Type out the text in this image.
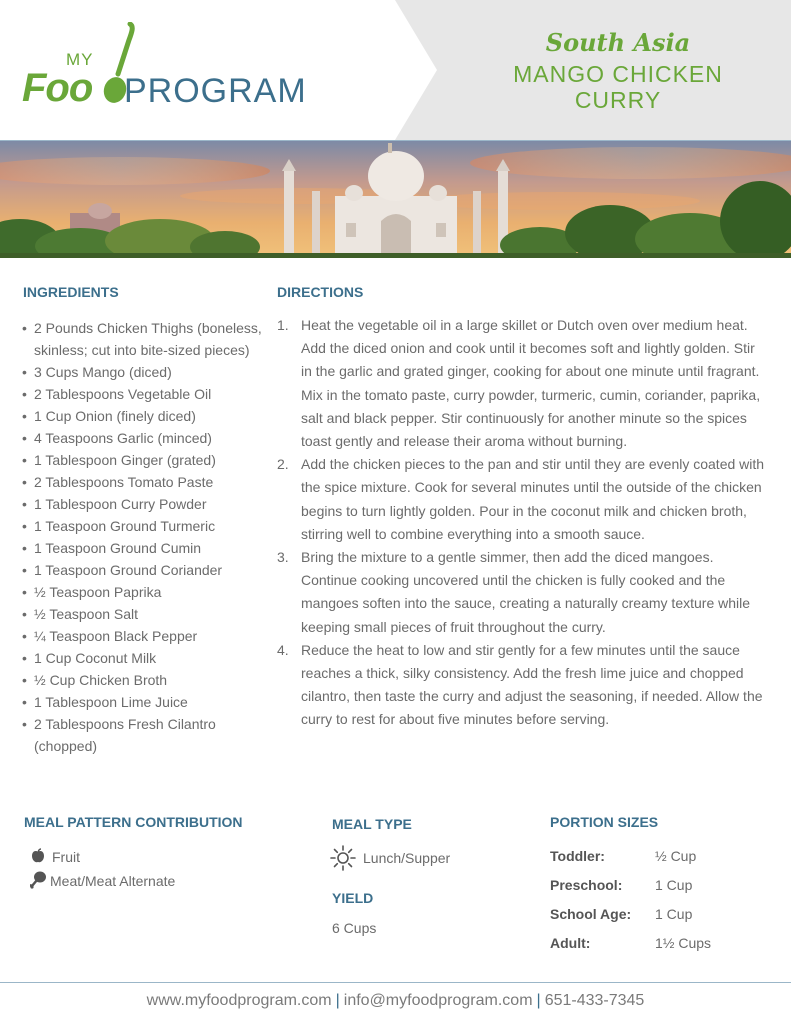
MY
Foo PROGRAM
South Asia
MANGO CHICKEN
CURRY
INGREDIENTS
• 2 Pounds Chicken Thighs (boneless, skinless; cut into bite-sized pieces)
• 3 Cups Mango (diced)
• 2 Tablespoons Vegetable Oil
• 1 Cup Onion (finely diced)
• 4 Teaspoons Garlic (minced)
• 1 Tablespoon Ginger (grated)
• 2 Tablespoons Tomato Paste
• 1 Tablespoon Curry Powder
• 1 Teaspoon Ground Turmeric
• 1 Teaspoon Ground Cumin
• 1 Teaspoon Ground Coriander
• ½ Teaspoon Paprika
• ½ Teaspoon Salt
• ¼ Teaspoon Black Pepper
• 1 Cup Coconut Milk
• ½ Cup Chicken Broth
• 1 Tablespoon Lime Juice
• 2 Tablespoons Fresh Cilantro (chopped)
DIRECTIONS
1. Heat the vegetable oil in a large skillet or Dutch oven over medium heat. Add the diced onion and cook until it becomes soft and lightly golden. Stir in the garlic and grated ginger, cooking for about one minute until fragrant. Mix in the tomato paste, curry powder, turmeric, cumin, coriander, paprika, salt and black pepper. Stir continuously for another minute so the spices toast gently and release their aroma without burning.
2. Add the chicken pieces to the pan and stir until they are evenly coated with the spice mixture. Cook for several minutes until the outside of the chicken begins to turn lightly golden. Pour in the coconut milk and chicken broth, stirring well to combine everything into a smooth sauce.
3. Bring the mixture to a gentle simmer, then add the diced mangoes. Continue cooking uncovered until the chicken is fully cooked and the mangoes soften into the sauce, creating a naturally creamy texture while keeping small pieces of fruit throughout the curry.
4. Reduce the heat to low and stir gently for a few minutes until the sauce reaches a thick, silky consistency. Add the fresh lime juice and chopped cilantro, then taste the curry and adjust the seasoning, if needed. Allow the curry to rest for about five minutes before serving.
MEAL PATTERN CONTRIBUTION
Fruit
Meat/Meat Alternate
MEAL TYPE
Lunch/Supper
YIELD
6 Cups
PORTION SIZES
Toddler:	½ Cup
Preschool: 1 Cup
School Age: 1 Cup
Adult:	1½ Cups
www.myfoodprogram.com | info@myfoodprogram.com | 651-433-7345
